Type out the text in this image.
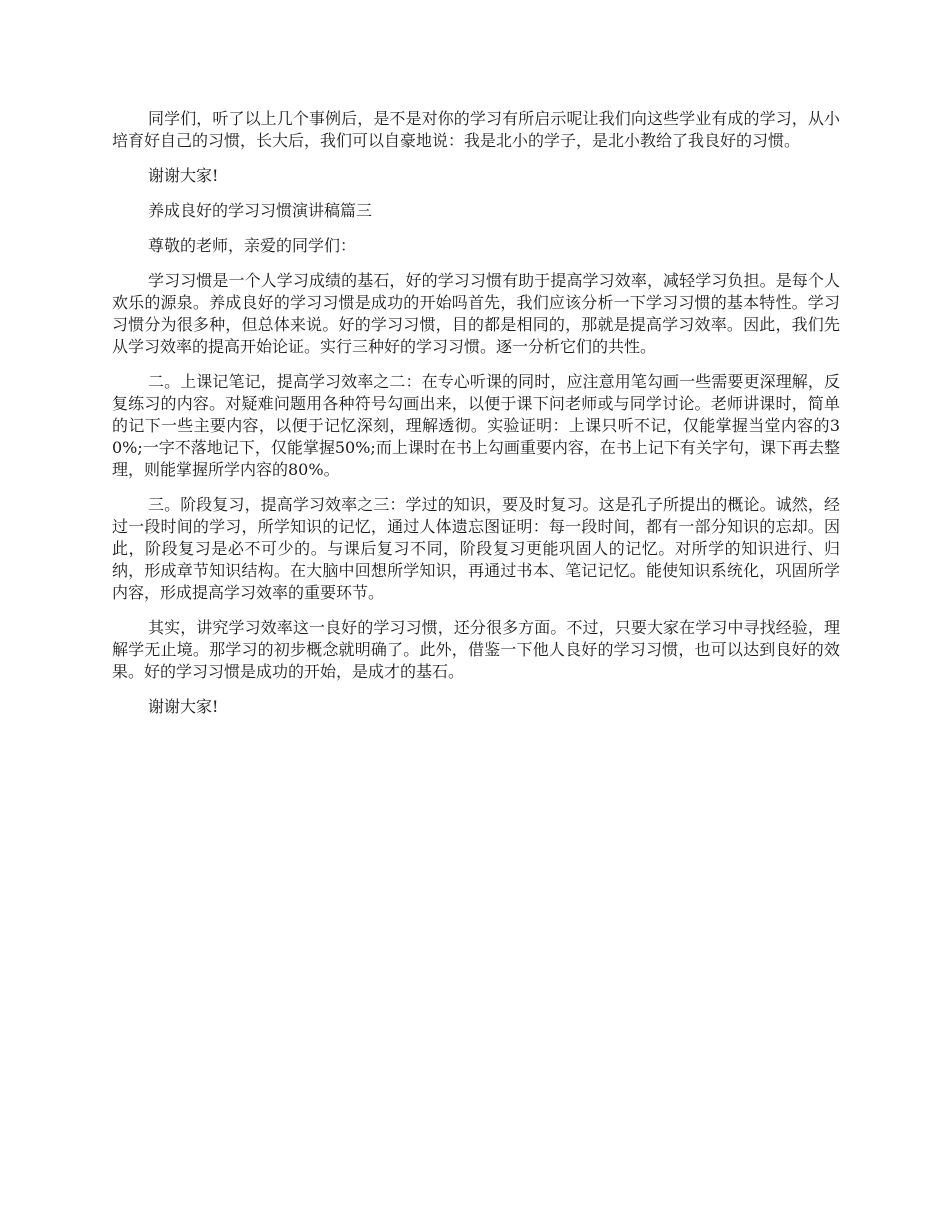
同学们，听了以上几个事例后，是不是对你的学习有所启示呢让我们向这些学业有成的学习，从小培育好自己的习惯，长大后，我们可以自豪地说：我是北小的学子，是北小教给了我良好的习惯。

谢谢大家!

养成良好的学习习惯演讲稿篇三

尊敬的老师，亲爱的同学们：

学习习惯是一个人学习成绩的基石，好的学习习惯有助于提高学习效率，减轻学习负担。是每个人欢乐的源泉。养成良好的学习习惯是成功的开始吗首先，我们应该分析一下学习习惯的基本特性。学习习惯分为很多种，但总体来说。好的学习习惯，目的都是相同的，那就是提高学习效率。因此，我们先从学习效率的提高开始论证。实行三种好的学习习惯。逐一分析它们的共性。

二。上课记笔记，提高学习效率之二：在专心听课的同时，应注意用笔勾画一些需要更深理解，反复练习的内容。对疑难问题用各种符号勾画出来，以便于课下问老师或与同学讨论。老师讲课时，简单的记下一些主要内容，以便于记忆深刻，理解透彻。实验证明：上课只听不记，仅能掌握当堂内容的30%;一字不落地记下，仅能掌握50%;而上课时在书上勾画重要内容，在书上记下有关字句，课下再去整理，则能掌握所学内容的80%。

三。阶段复习，提高学习效率之三：学过的知识，要及时复习。这是孔子所提出的概论。诚然，经过一段时间的学习，所学知识的记忆，通过人体遗忘图证明：每一段时间，都有一部分知识的忘却。因此，阶段复习是必不可少的。与课后复习不同，阶段复习更能巩固人的记忆。对所学的知识进行、归纳，形成章节知识结构。在大脑中回想所学知识，再通过书本、笔记记忆。能使知识系统化，巩固所学内容，形成提高学习效率的重要环节。

其实，讲究学习效率这一良好的学习习惯，还分很多方面。不过，只要大家在学习中寻找经验，理解学无止境。那学习的初步概念就明确了。此外，借鉴一下他人良好的学习习惯，也可以达到良好的效果。好的学习习惯是成功的开始，是成才的基石。

谢谢大家!
